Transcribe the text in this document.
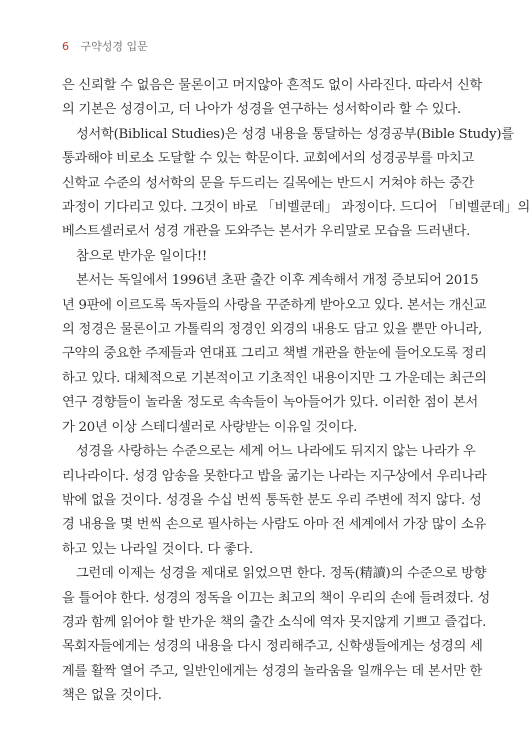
6 구약성경 입문

은 신뢰할 수 없음은 물론이고 머지않아 흔적도 없이 사라진다. 따라서 신학
의 기본은 성경이고, 더 나아가 성경을 연구하는 성서학이라 할 수 있다.

성서학(Biblical Studies)은 성경 내용을 통달하는 성경공부(Bible Study)를
통과해야 비로소 도달할 수 있는 학문이다. 교회에서의 성경공부를 마치고
신학교 수준의 성서학의 문을 두드리는 길목에는 반드시 거쳐야 하는 중간
과정이 기다리고 있다. 그것이 바로 「비벨쿤데」 과정이다. 드디어 「비벨쿤데」의
베스트셀러로서 성경 개관을 도와주는 본서가 우리말로 모습을 드러낸다.

참으로 반가운 일이다!!

본서는 독일에서 1996년 초판 출간 이후 계속해서 개정 증보되어 2015
년 9판에 이르도록 독자들의 사랑을 꾸준하게 받아오고 있다. 본서는 개신교
의 정경은 물론이고 가톨릭의 정경인 외경의 내용도 담고 있을 뿐만 아니라,
구약의 중요한 주제들과 연대표 그리고 책별 개관을 한눈에 들어오도록 정리
하고 있다. 대체적으로 기본적이고 기초적인 내용이지만 그 가운데는 최근의
연구 경향들이 놀라울 정도로 속속들이 녹아들어가 있다. 이러한 점이 본서
가 20년 이상 스테디셀러로 사랑받는 이유일 것이다.

성경을 사랑하는 수준으로는 세계 어느 나라에도 뒤지지 않는 나라가 우
리나라이다. 성경 암송을 못한다고 밥을 굶기는 나라는 지구상에서 우리나라
밖에 없을 것이다. 성경을 수십 번씩 통독한 분도 우리 주변에 적지 않다. 성
경 내용을 몇 번씩 손으로 필사하는 사람도 아마 전 세계에서 가장 많이 소유
하고 있는 나라일 것이다. 다 좋다.

그런데 이제는 성경을 제대로 읽었으면 한다. 정독(精讀)의 수준으로 방향
을 틀어야 한다. 성경의 정독을 이끄는 최고의 책이 우리의 손에 들려졌다. 성
경과 함께 읽어야 할 반가운 책의 출간 소식에 역자 못지않게 기쁘고 즐겁다.
목회자들에게는 성경의 내용을 다시 정리해주고, 신학생들에게는 성경의 세
계를 활짝 열어 주고, 일반인에게는 성경의 놀라움을 일깨우는 데 본서만 한
책은 없을 것이다.
